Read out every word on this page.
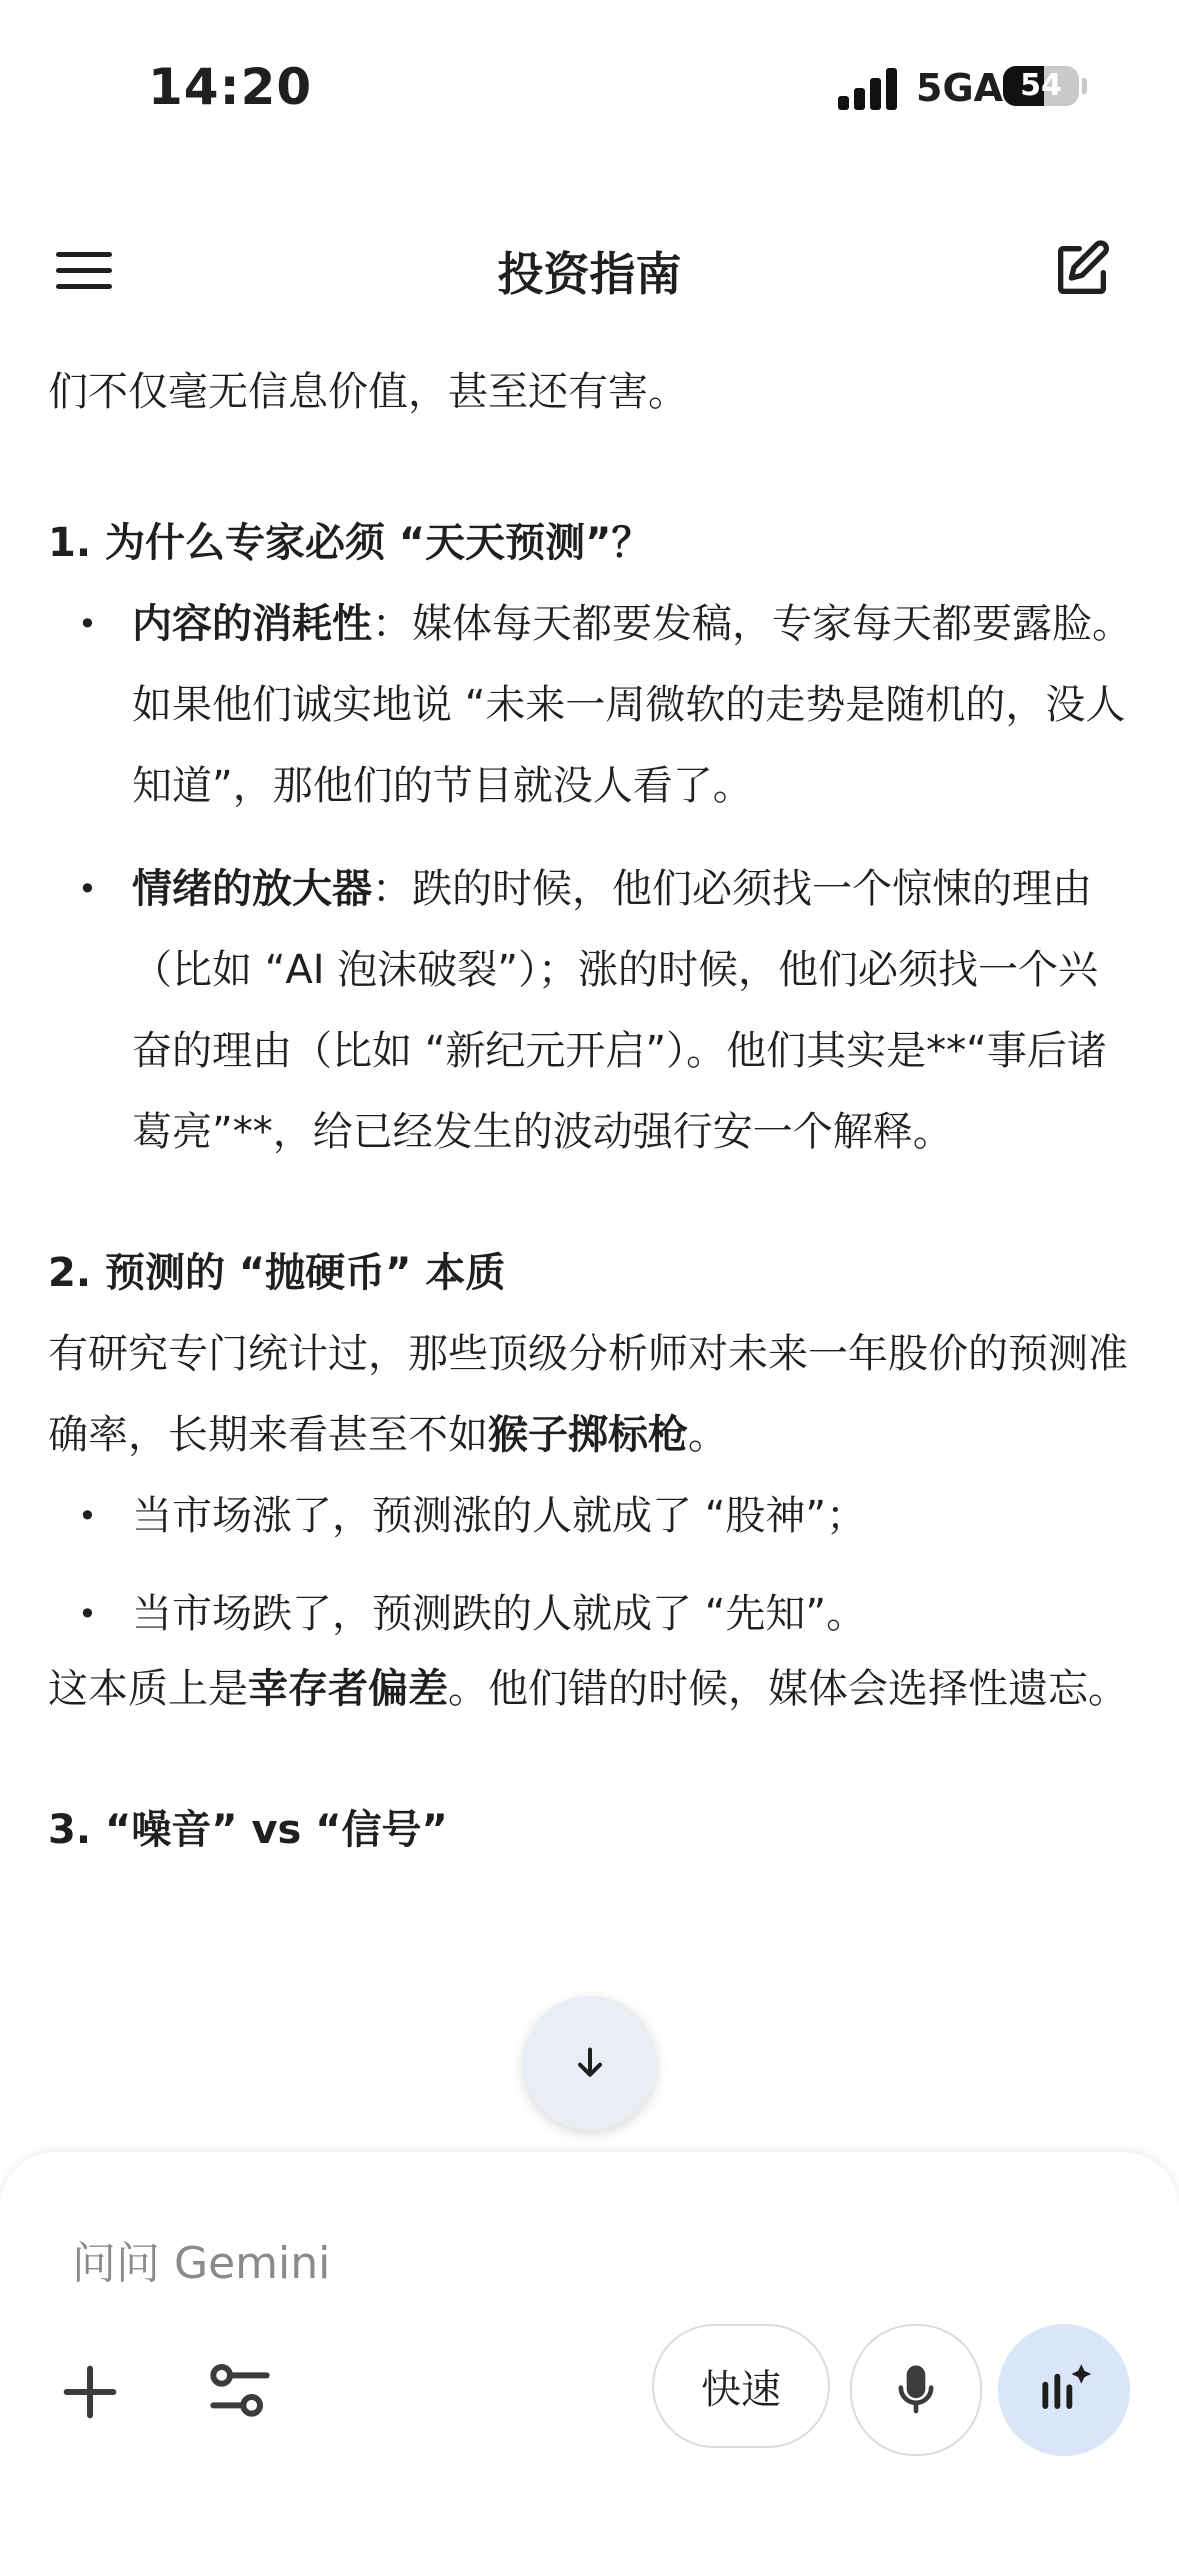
14:20	5GA 54
投资指南

们不仅毫无信息价值，甚至还有害。

1. 为什么专家必须 “天天预测”？

• 内容的消耗性：媒体每天都要发稿，专家每天都要露脸。如果他们诚实地说 “未来一周微软的走势是随机的，没人知道”，那他们的节目就没人看了。
• 情绪的放大器：跌的时候，他们必须找一个惊悚的理由（比如 “AI 泡沫破裂”）；涨的时候，他们必须找一个兴奋的理由（比如 “新纪元开启”）。他们其实是**“事后诸葛亮”**，给已经发生的波动强行安一个解释。

2. 预测的 “抛硬币” 本质

有研究专门统计过，那些顶级分析师对未来一年股价的预测准确率，长期来看甚至不如猴子掷标枪。

• 当市场涨了，预测涨的人就成了 “股神”；
• 当市场跌了，预测跌的人就成了 “先知”。

这本质上是幸存者偏差。他们错的时候，媒体会选择性遗忘。

3. “噪音” vs “信号”

问问 Gemini
快速
